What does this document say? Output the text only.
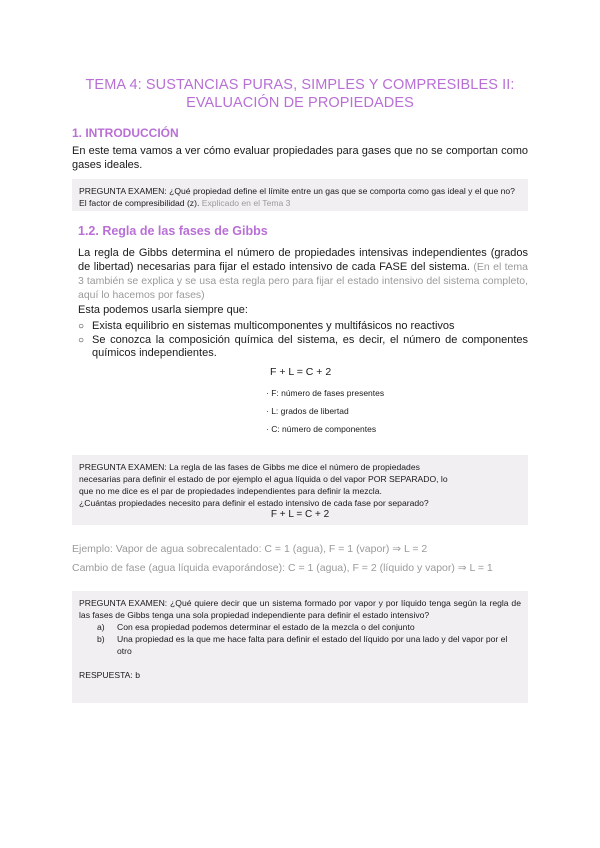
TEMA 4: SUSTANCIAS PURAS, SIMPLES Y COMPRESIBLES II:
EVALUACIÓN DE PROPIEDADES
1. INTRODUCCIÓN
En este tema vamos a ver cómo evaluar propiedades para gases que no se comportan como gases ideales.
PREGUNTA EXAMEN: ¿Qué propiedad define el límite entre un gas que se comporta como gas ideal y el que no? El factor de compresibilidad (z). Explicado en el Tema 3
1.2. Regla de las fases de Gibbs
La regla de Gibbs determina el número de propiedades intensivas independientes (grados de libertad) necesarias para fijar el estado intensivo de cada FASE del sistema. (En el tema 3 también se explica y se usa esta regla pero para fijar el estado intensivo del sistema completo, aquí lo hacemos por fases)
Esta podemos usarla siempre que:
○ Exista equilibrio en sistemas multicomponentes y multifásicos no reactivos
○ Se conozca la composición química del sistema, es decir, el número de componentes químicos independientes.
F + L = C + 2
· F: número de fases presentes
· L: grados de libertad
· C: número de componentes
PREGUNTA EXAMEN: La regla de las fases de Gibbs me dice el número de propiedades
necesarias para definir el estado de por ejemplo el agua líquida o del vapor POR SEPARADO, lo
que no me dice es el par de propiedades independientes para definir la mezcla.
¿Cuántas propiedades necesito para definir el estado intensivo de cada fase por separado?
F + L = C + 2
Ejemplo: Vapor de agua sobrecalentado: C = 1 (agua), F = 1 (vapor) ⇒ L = 2
Cambio de fase (agua líquida evaporándose): C = 1 (agua), F = 2 (líquido y vapor) ⇒ L = 1
PREGUNTA EXAMEN: ¿Qué quiere decir que un sistema formado por vapor y por líquido tenga según la regla de las fases de Gibbs tenga una sola propiedad independiente para definir el estado intensivo?
a)	Con esa propiedad podemos determinar el estado de la mezcla o del conjunto
b)	Una propiedad es la que me hace falta para definir el estado del líquido por una lado y del vapor por el otro
RESPUESTA: b
